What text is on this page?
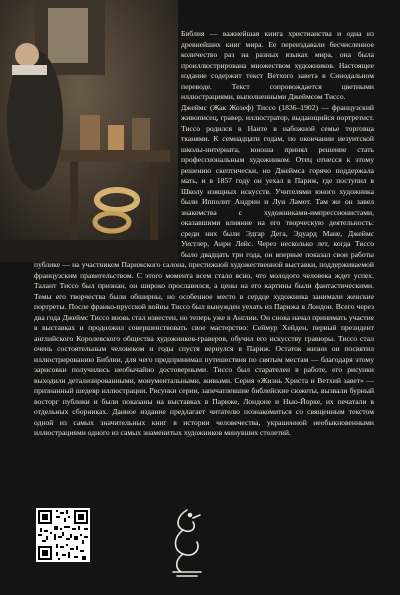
Библия — важнейшая книга христианства и одна из древнейших книг мира. Ее переиздавали бесчисленное количество раз на разных языках мира, она была проиллюстрирована множеством художников. Настоящее издание содержит текст Ветхого завета в Синодальном переводе. Текст сопровождается цветными иллюстрациями, выполненными Джеймсом Тиссо.

Джеймс (Жак Жозеф) Тиссо (1836–1902) — французский живописец, гравер, иллюстратор, выдающийся портретист. Тиссо родился в Нанте в набожной семье торговца тканями. К семнадцати годам, по окончании иезуитской школы-интерната, юноша принял решение стать профессиональным художником. Отец отнесся к этому решению скептически, но Джеймса горячо поддержала мать, и в 1857 году он уехал в Париж, где поступил в Школу изящных искусств. Учителями юного художника были Ипполит Андрин и Луи Ламот. Там же он завел знакомства с художниками-импрессионистами, оказавшими влияние на его творческую деятельность: среди них были Эдгар Дега, Эдуард Мане, Джеймс Уистлер, Анри Лейс. Через несколько лет, когда Тиссо было двадцать три года, он впервые показал свои работы публике — на участником Парижского салона, престижной художественной выставки, поддерживаемой французским правительством. С этого момента всем стало ясно, что молодого человека ждет успех. Талант Тиссо был признан, он широко прославился, а цены на его картины были фантастическими. Темы его творчества были обширны, но особенное место в сердце художника занимали женские портреты. После франко-прусской войны Тиссо был вынужден уехать из Парижа в Лондон. Всего через два года Джеймс Тиссо вновь стал известен, но теперь уже в Англии. Он снова начал принимать участие в выставках и продолжил совершенствовать свое мастерство: Сеймур Хейден, первый президент английского Королевского общества художников-граверов, обучил его искусству гравюры. Тиссо стал очень состоятельным человеком и годы спустя вернулся в Париж. Остаток жизни он посвятил иллюстрированию Библии, для чего предпринимал путешествия по святым местам — благодаря этому зарисовки получились необычайно достоверными. Тиссо был старателен в работе, его рисунки выходили детализированными, монументальными, живыми. Серия «Жизнь Христа и Ветхий завет» — признанный шедевр иллюстрации. Рисунки серии, запечатлевшие библейские сюжеты, вызвали бурный восторг публики и были показаны на выставках в Париже, Лондоне и Нью-Йорке, их печатали в отдельных сборниках. Данное издание предлагает читателю познакомиться со священным текстом одной из самых значительных книг в истории человечества, украшенной необыкновенными иллюстрациями одного из самых знаменитых художников минувших столетий.
